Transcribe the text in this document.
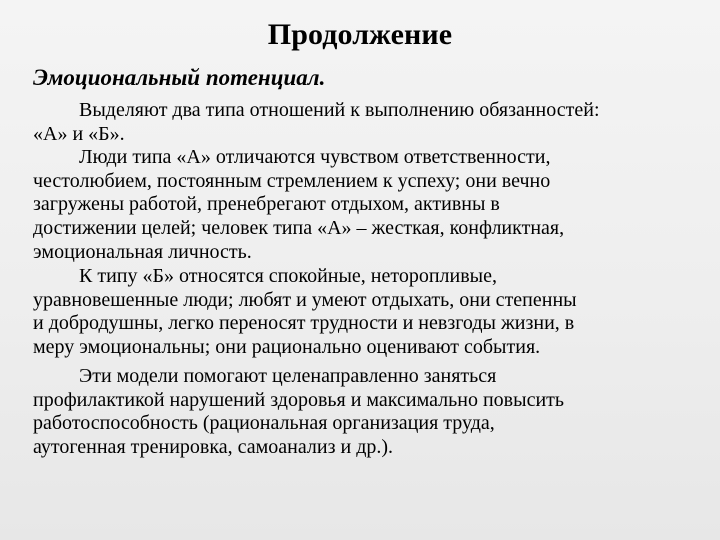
Продолжение
Эмоциональный потенциал.

Выделяют два типа отношений к выполнению обязанностей:
«А» и «Б».

Люди типа «А» отличаются чувством ответственности,
честолюбием, постоянным стремлением к успеху; они вечно
загружены работой, пренебрегают отдыхом, активны в
достижении целей; человек типа «А» – жесткая, конфликтная,
эмоциональная личность.

К типу «Б» относятся спокойные, неторопливые,
уравновешенные люди; любят и умеют отдыхать, они степенны
и добродушны, легко переносят трудности и невзгоды жизни, в
меру эмоциональны; они рационально оценивают события.

Эти модели помогают целенаправленно заняться
профилактикой нарушений здоровья и максимально повысить
работоспособность (рациональная организация труда,
аутогенная тренировка, самоанализ и др.).
